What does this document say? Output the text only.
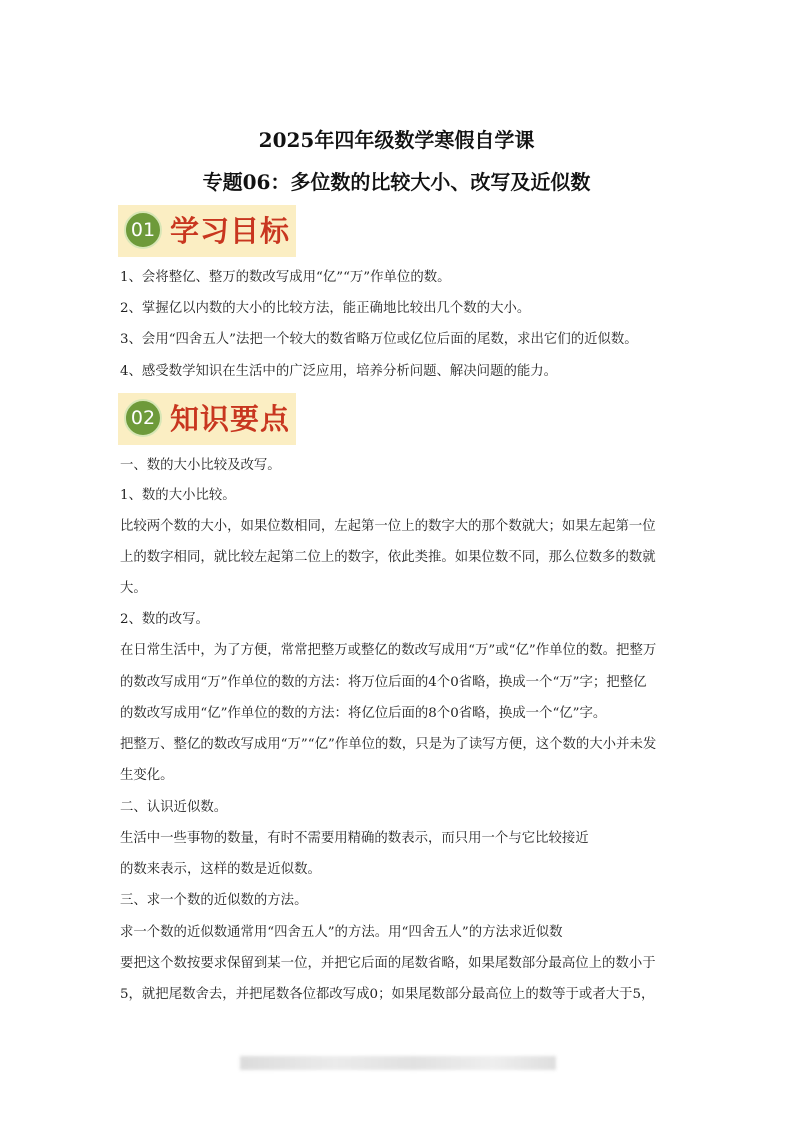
2025年四年级数学寒假自学课
专题06：多位数的比较大小、改写及近似数
01 学习目标
1、会将整亿、整万的数改写成用“亿”“万”作单位的数。
2、掌握亿以内数的大小的比较方法，能正确地比较出几个数的大小。
3、会用“四舍五人”法把一个较大的数省略万位或亿位后面的尾数，求出它们的近似数。
4、感受数学知识在生活中的广泛应用，培养分析问题、解决问题的能力。
02 知识要点
一、数的大小比较及改写。
1、数的大小比较。
比较两个数的大小，如果位数相同，左起第一位上的数字大的那个数就大；如果左起第一位
上的数字相同，就比较左起第二位上的数字，依此类推。如果位数不同，那么位数多的数就
大。
2、数的改写。
在日常生活中，为了方便，常常把整万或整亿的数改写成用“万”或“亿”作单位的数。把整万
的数改写成用“万”作单位的数的方法：将万位后面的4个0省略，换成一个“万”字；把整亿
的数改写成用“亿”作单位的数的方法：将亿位后面的8个0省略，换成一个“亿”字。
把整万、整亿的数改写成用“万”“亿”作单位的数，只是为了读写方便，这个数的大小并未发
生变化。
二、认识近似数。
生活中一些事物的数量，有时不需要用精确的数表示，而只用一个与它比较接近
的数来表示，这样的数是近似数。
三、求一个数的近似数的方法。
求一个数的近似数通常用“四舍五人”的方法。用“四舍五人”的方法求近似数
要把这个数按要求保留到某一位，并把它后面的尾数省略，如果尾数部分最高位上的数小于
5，就把尾数舍去，并把尾数各位都改写成0；如果尾数部分最高位上的数等于或者大于5，
